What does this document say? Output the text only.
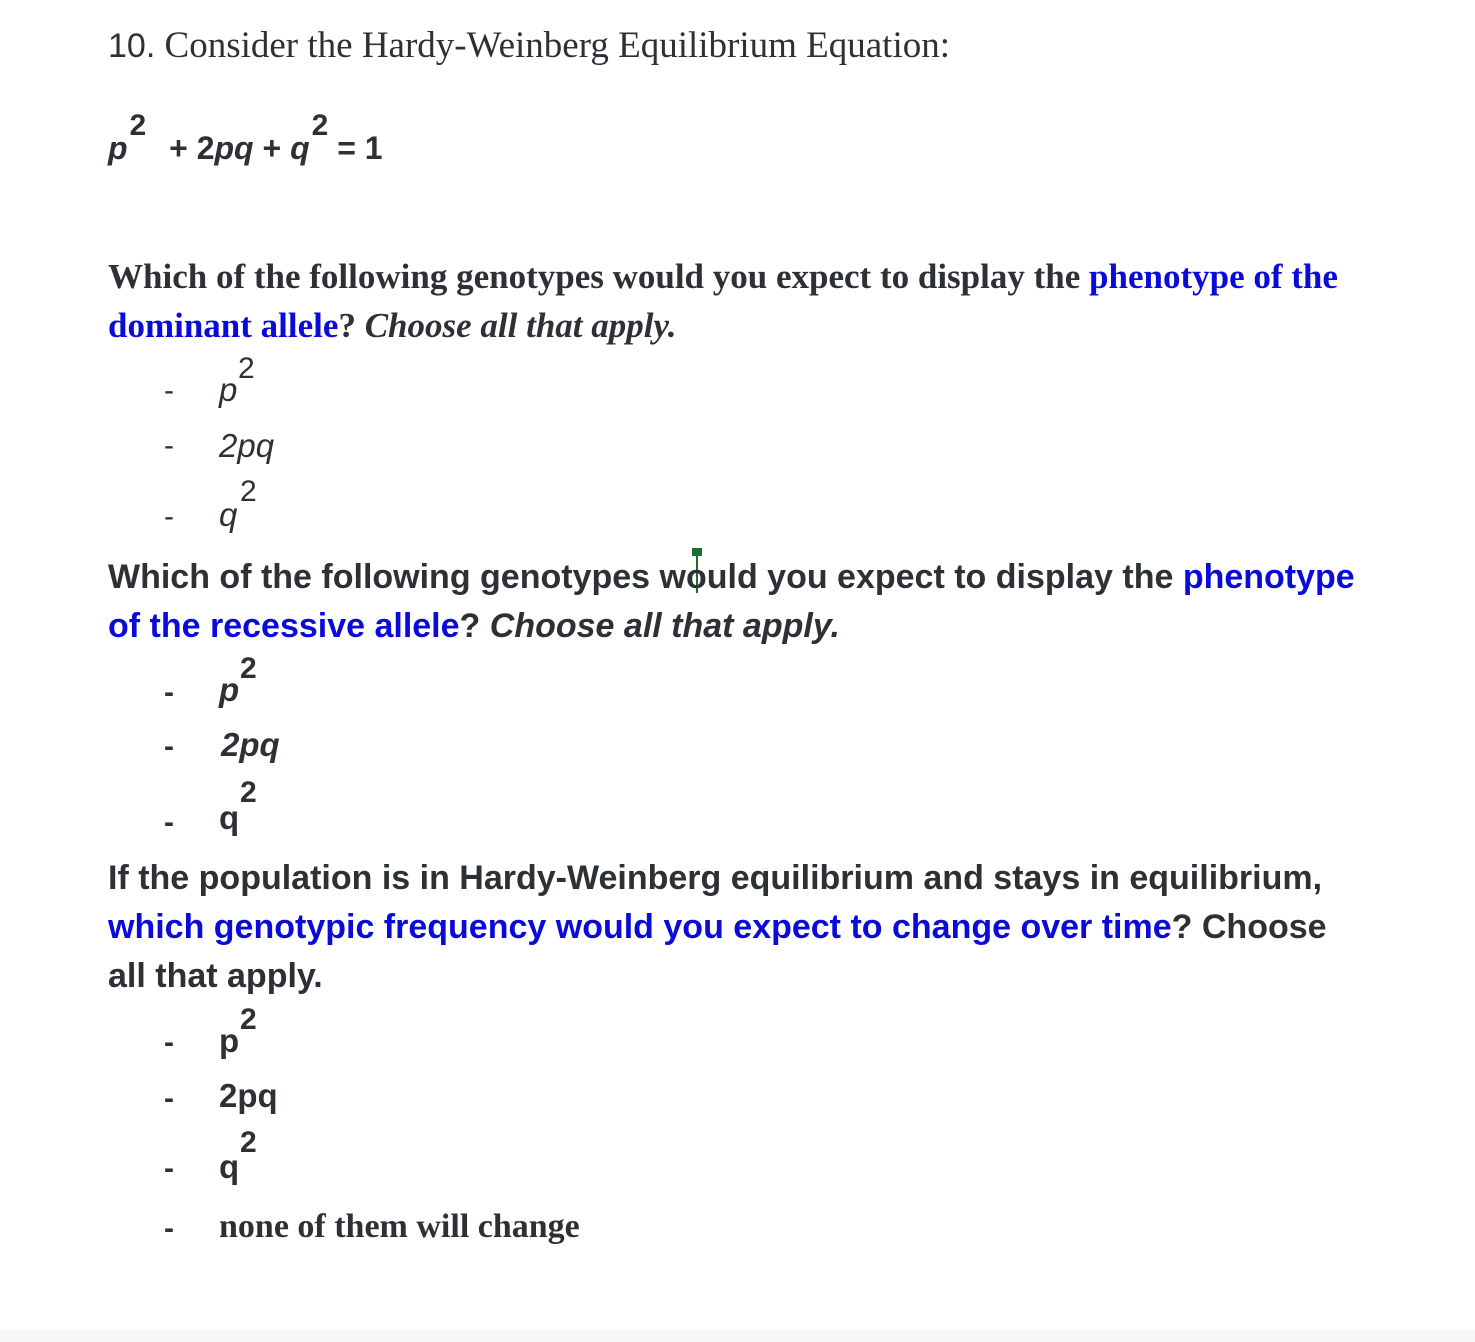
10. Consider the Hardy-Weinberg Equilibrium Equation:
p2 + 2pq + q2 = 1
Which of the following genotypes would you expect to display the phenotype of the dominant allele? Choose all that apply.
- p
2
- 2pq
- q
2
Which of the following genotypes would you expect to display the phenotype of the recessive allele? Choose all that apply.
- p
2
- 2pq
- q
2
If the population is in Hardy-Weinberg equilibrium and stays in equilibrium, which genotypic frequency would you expect to change over time? Choose all that apply.
- p
2
- 2pq
- q
2
- none of them will change
